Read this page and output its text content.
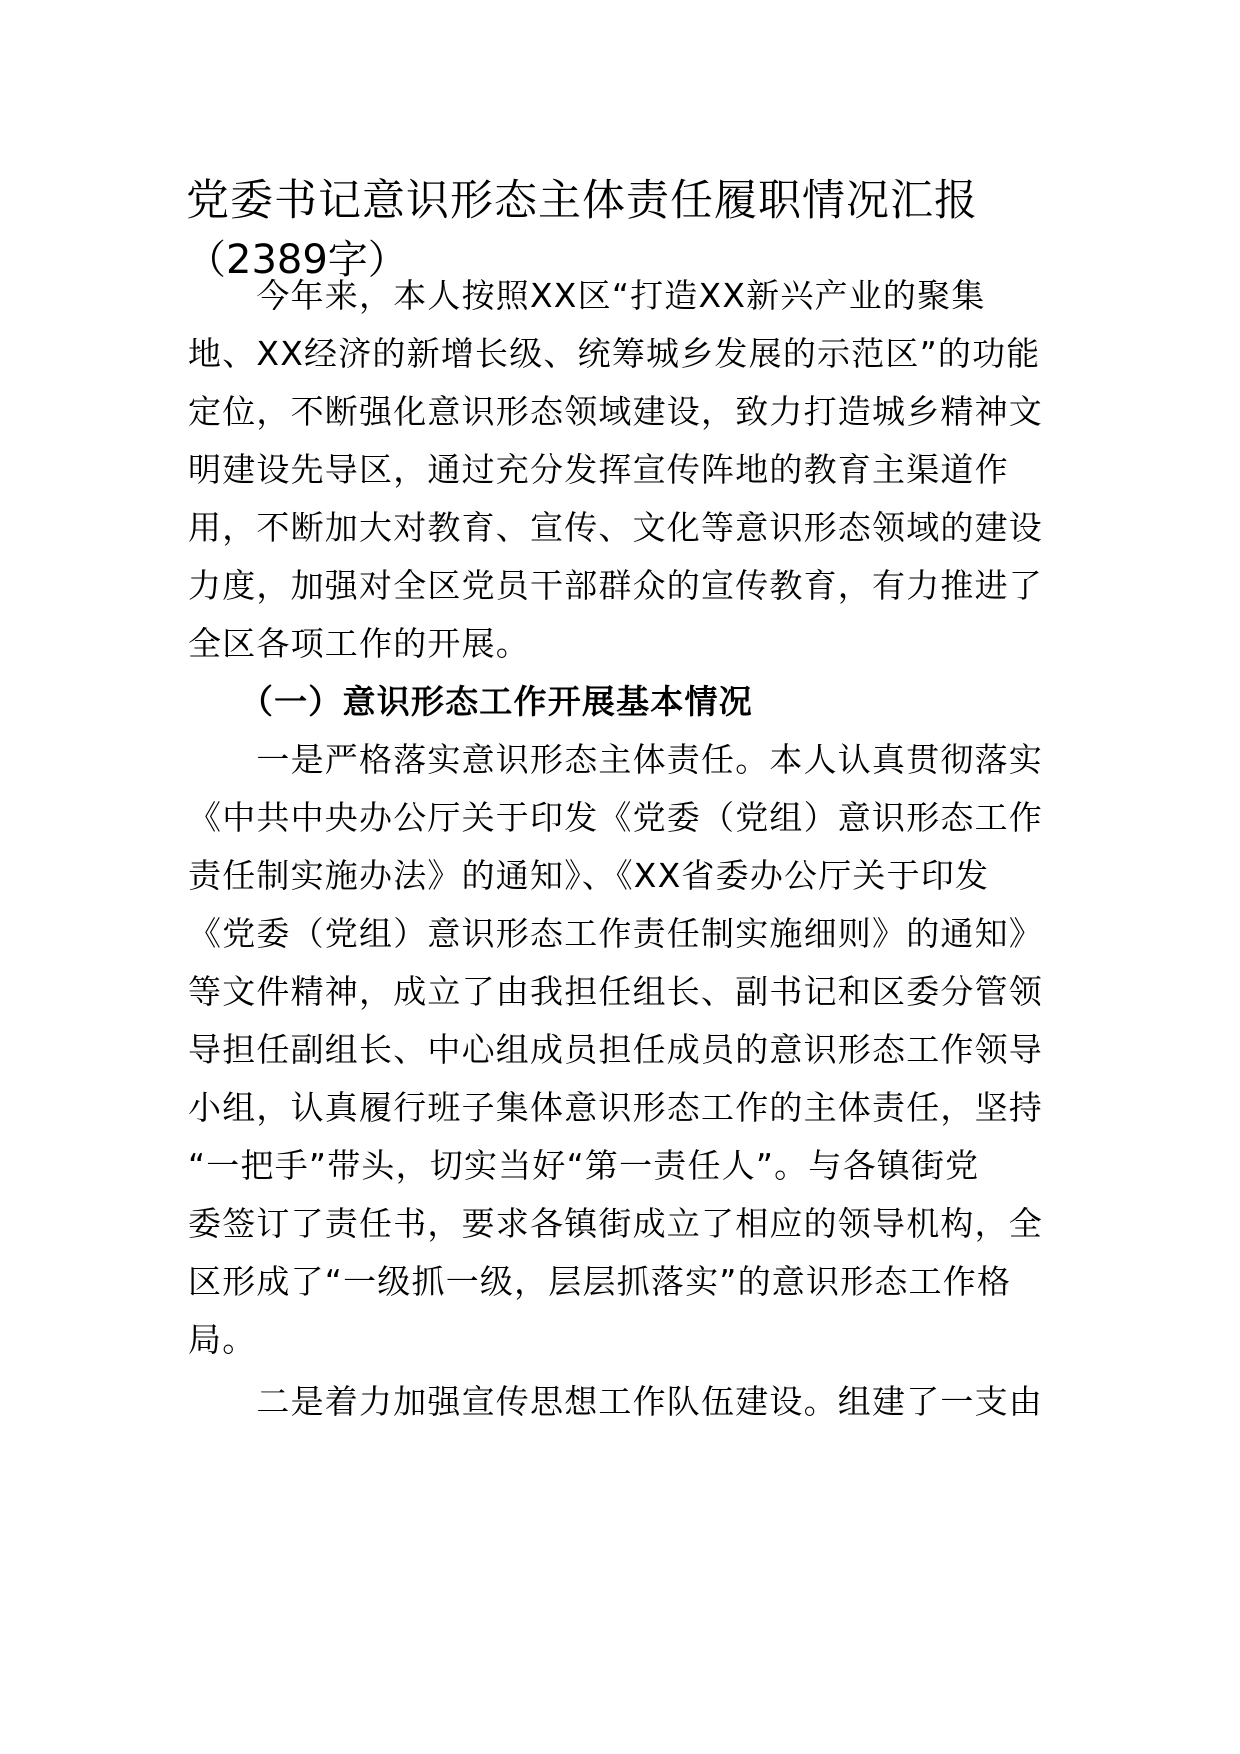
党委书记意识形态主体责任履职情况汇报
（2389字）
　　今年来，本人按照XX区“打造XX新兴产业的聚集
地、XX经济的新增长级、统筹城乡发展的示范区”的功能
定位，不断强化意识形态领域建设，致力打造城乡精神文
明建设先导区，通过充分发挥宣传阵地的教育主渠道作
用，不断加大对教育、宣传、文化等意识形态领域的建设
力度，加强对全区党员干部群众的宣传教育，有力推进了
全区各项工作的开展。
　　（一）意识形态工作开展基本情况
　　一是严格落实意识形态主体责任。本人认真贯彻落实
《中共中央办公厅关于印发《党委（党组）意识形态工作
责任制实施办法》的通知》、《XX省委办公厅关于印发
《党委（党组）意识形态工作责任制实施细则》的通知》
等文件精神，成立了由我担任组长、副书记和区委分管领
导担任副组长、中心组成员担任成员的意识形态工作领导
小组，认真履行班子集体意识形态工作的主体责任，坚持
“一把手”带头，切实当好“第一责任人”。与各镇街党
委签订了责任书，要求各镇街成立了相应的领导机构，全
区形成了“一级抓一级，层层抓落实”的意识形态工作格
局。
　　二是着力加强宣传思想工作队伍建设。组建了一支由
